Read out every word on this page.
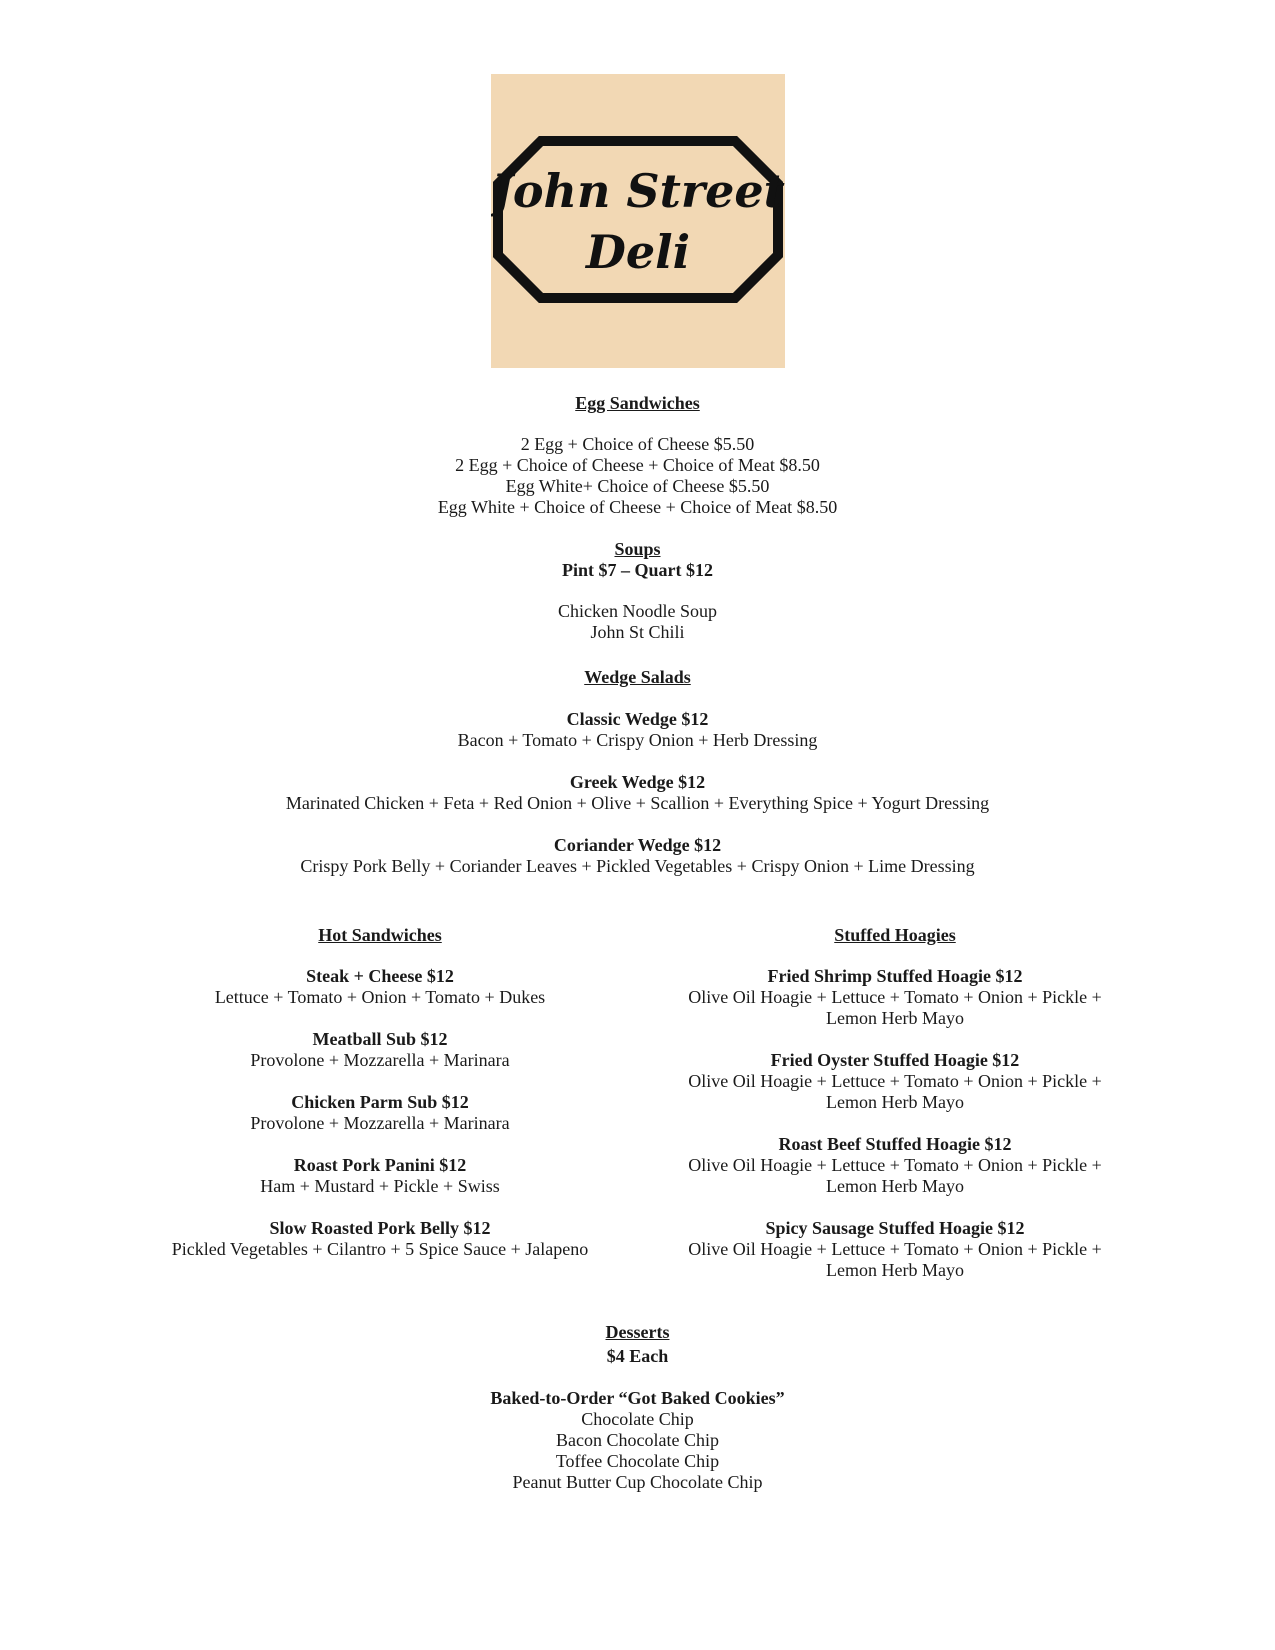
John Street
Deli
Egg Sandwiches
2 Egg + Choice of Cheese $5.50
2 Egg + Choice of Cheese + Choice of Meat $8.50
Egg White+ Choice of Cheese $5.50
Egg White + Choice of Cheese + Choice of Meat $8.50
Soups
Pint $7 – Quart $12
Chicken Noodle Soup
John St Chili
Wedge Salads
Classic Wedge $12
Bacon + Tomato + Crispy Onion + Herb Dressing
Greek Wedge $12
Marinated Chicken + Feta + Red Onion + Olive + Scallion + Everything Spice + Yogurt Dressing
Coriander Wedge $12
Crispy Pork Belly + Coriander Leaves + Pickled Vegetables + Crispy Onion + Lime Dressing
Hot Sandwiches
Steak + Cheese $12
Lettuce + Tomato + Onion + Tomato + Dukes
Meatball Sub $12
Provolone + Mozzarella + Marinara
Chicken Parm Sub $12
Provolone + Mozzarella + Marinara
Roast Pork Panini $12
Ham + Mustard + Pickle + Swiss
Slow Roasted Pork Belly $12
Pickled Vegetables + Cilantro + 5 Spice Sauce + Jalapeno
Stuffed Hoagies
Fried Shrimp Stuffed Hoagie $12
Olive Oil Hoagie + Lettuce + Tomato + Onion + Pickle +
Lemon Herb Mayo
Fried Oyster Stuffed Hoagie $12
Olive Oil Hoagie + Lettuce + Tomato + Onion + Pickle +
Lemon Herb Mayo
Roast Beef Stuffed Hoagie $12
Olive Oil Hoagie + Lettuce + Tomato + Onion + Pickle +
Lemon Herb Mayo
Spicy Sausage Stuffed Hoagie $12
Olive Oil Hoagie + Lettuce + Tomato + Onion + Pickle +
Lemon Herb Mayo
Desserts
$4 Each
Baked-to-Order “Got Baked Cookies”
Chocolate Chip
Bacon Chocolate Chip
Toffee Chocolate Chip
Peanut Butter Cup Chocolate Chip
